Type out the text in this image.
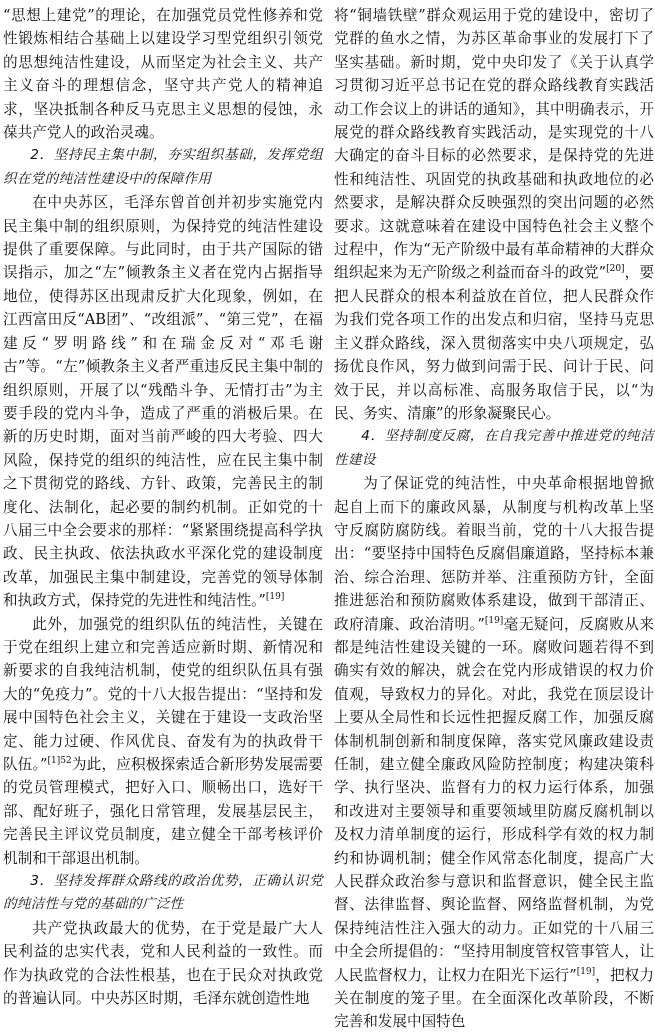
“思想上建党”的理论，在加强党员党性修养和党性锻炼相结合基础上以建设学习型党组织引领党的思想纯洁性建设，从而坚定为社会主义、共产主义奋斗的理想信念，坚守共产党人的精神追求，坚决抵制各种反马克思主义思想的侵蚀，永葆共产党人的政治灵魂。

2．坚持民主集中制，夯实组织基础，发挥党组织在党的纯洁性建设中的保障作用

在中央苏区，毛泽东曾首创并初步实施党内民主集中制的组织原则，为保持党的纯洁性建设提供了重要保障。与此同时，由于共产国际的错误指示，加之“左”倾教条主义者在党内占据指导地位，使得苏区出现肃反扩大化现象，例如，在江西富田反“AB团”、“改组派”、“第三党”，在福建反“罗明路线”和在瑞金反对“邓毛谢古”等。“左”倾教条主义者严重违反民主集中制的组织原则，开展了以“残酷斗争、无情打击”为主要手段的党内斗争，造成了严重的消极后果。在新的历史时期，面对当前严峻的四大考验、四大风险，保持党的组织的纯洁性，应在民主集中制之下贯彻党的路线、方针、政策，完善民主的制度化、法制化，起必要的制约机制。正如党的十八届三中全会要求的那样：“紧紧围绕提高科学执政、民主执政、依法执政水平深化党的建设制度改革，加强民主集中制建设，完善党的领导体制和执政方式，保持党的先进性和纯洁性。”[19]

此外，加强党的组织队伍的纯洁性，关键在于党在组织上建立和完善适应新时期、新情况和新要求的自我纯洁机制，使党的组织队伍具有强大的“免疫力”。党的十八大报告提出：“坚持和发展中国特色社会主义，关键在于建设一支政治坚定、能力过硬、作风优良、奋发有为的执政骨干队伍。”$^{[1]52}$为此，应积极探索适合新形势发展需要的党员管理模式，把好入口、顺畅出口，选好干部、配好班子，强化日常管理，发展基层民主，完善民主评议党员制度，建立健全干部考核评价机制和干部退出机制。

3．坚持发挥群众路线的政治优势，正确认识党的纯洁性与党的基础的广泛性

共产党执政最大的优势，在于党是最广大人民利益的忠实代表，党和人民利益的一致性。而作为执政党的合法性根基，也在于民众对执政党的普遍认同。中央苏区时期，毛泽东就创造性地

将“铜墙铁壁”群众观运用于党的建设中，密切了党群的鱼水之情，为苏区革命事业的发展打下了坚实基础。新时期，党中央印发了《关于认真学习贯彻习近平总书记在党的群众路线教育实践活动工作会议上的讲话的通知》，其中明确表示，开展党的群众路线教育实践活动，是实现党的十八大确定的奋斗目标的必然要求，是保持党的先进性和纯洁性、巩固党的执政基础和执政地位的必然要求，是解决群众反映强烈的突出问题的必然要求。这就意味着在建设中国特色社会主义整个过程中，作为“无产阶级中最有革命精神的大群众组织起来为无产阶级之利益而奋斗的政党”[20]，要把人民群众的根本利益放在首位，把人民群众作为我们党各项工作的出发点和归宿，坚持马克思主义群众路线，深入贯彻落实中央八项规定，弘扬优良作风，努力做到问需于民、问计于民、问效于民，并以高标准、高服务取信于民，以“为民、务实、清廉”的形象凝聚民心。

4．坚持制度反腐，在自我完善中推进党的纯洁性建设

为了保证党的纯洁性，中央革命根据地曾掀起自上而下的廉政风暴，从制度与机构改革上坚守反腐防腐防线。着眼当前，党的十八大报告提出：“要坚持中国特色反腐倡廉道路，坚持标本兼治、综合治理、惩防并举、注重预防方针，全面推进惩治和预防腐败体系建设，做到干部清正、政府清廉、政治清明。”[19]毫无疑问，反腐败从来都是纯洁性建设关键的一环。腐败问题若得不到确实有效的解决，就会在党内形成错误的权力价值观，导致权力的异化。对此，我党在顶层设计上要从全局性和长远性把握反腐工作，加强反腐体制机制创新和制度保障，落实党风廉政建设责任制，建立健全廉政风险防控制度；构建决策科学、执行坚决、监督有力的权力运行体系，加强和改进对主要领导和重要领域里防腐反腐机制以及权力清单制度的运行，形成科学有效的权力制约和协调机制；健全作风常态化制度，提高广大人民群众政治参与意识和监督意识，健全民主监督、法律监督、舆论监督、网络监督机制，为党保持纯洁性注入强大的动力。正如党的十八届三中全会所提倡的：“坚持用制度管权管事管人，让人民监督权力，让权力在阳光下运行”[19]，把权力关在制度的笼子里。在全面深化改革阶段，不断完善和发展中国特色
